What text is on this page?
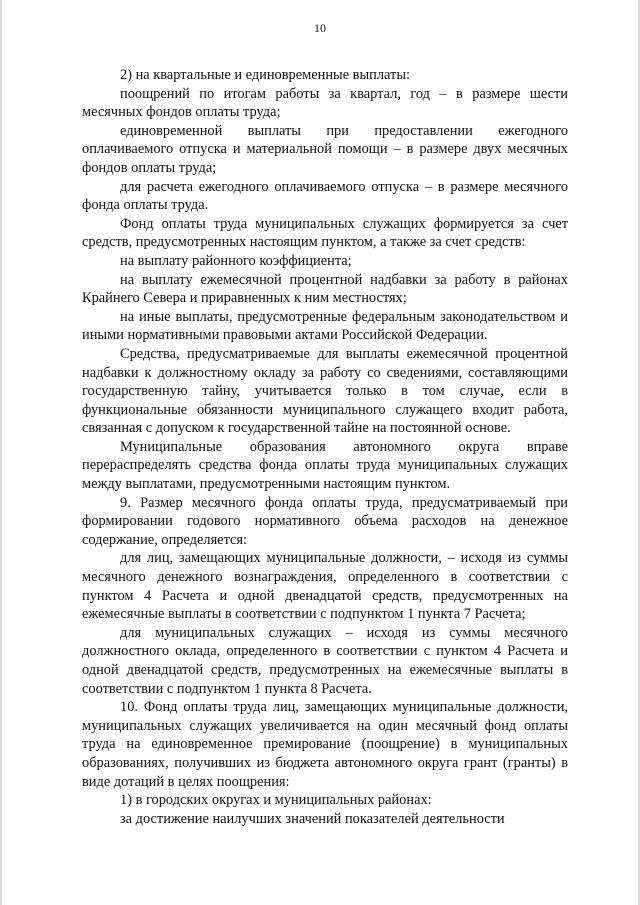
10

2) на квартальные и единовременные выплаты:

поощрений по итогам работы за квартал, год – в размере шести месячных фондов оплаты труда;

единовременной выплаты при предоставлении ежегодного оплачиваемого отпуска и материальной помощи – в размере двух месячных фондов оплаты труда;

для расчета ежегодного оплачиваемого отпуска – в размере месячного фонда оплаты труда.

Фонд оплаты труда муниципальных служащих формируется за счет средств, предусмотренных настоящим пунктом, а также за счет средств:

на выплату районного коэффициента;

на выплату ежемесячной процентной надбавки за работу в районах Крайнего Севера и приравненных к ним местностях;

на иные выплаты, предусмотренные федеральным законодательством и иными нормативными правовыми актами Российской Федерации.

Средства, предусматриваемые для выплаты ежемесячной процентной надбавки к должностному окладу за работу со сведениями, составляющими государственную тайну, учитывается только в том случае, если в функциональные обязанности муниципального служащего входит работа, связанная с допуском к государственной тайне на постоянной основе.

Муниципальные образования автономного округа вправе перераспределять средства фонда оплаты труда муниципальных служащих между выплатами, предусмотренными настоящим пунктом.

9. Размер месячного фонда оплаты труда, предусматриваемый при формировании годового нормативного объема расходов на денежное содержание, определяется:

для лиц, замещающих муниципальные должности, – исходя из суммы месячного денежного вознаграждения, определенного в соответствии с пунктом 4 Расчета и одной двенадцатой средств, предусмотренных на ежемесячные выплаты в соответствии с подпунктом 1 пункта 7 Расчета;

для муниципальных служащих – исходя из суммы месячного должностного оклада, определенного в соответствии с пунктом 4 Расчета и одной двенадцатой средств, предусмотренных на ежемесячные выплаты в соответствии с подпунктом 1 пункта 8 Расчета.

10. Фонд оплаты труда лиц, замещающих муниципальные должности, муниципальных служащих увеличивается на один месячный фонд оплаты труда на единовременное премирование (поощрение) в муниципальных образованиях, получивших из бюджета автономного округа грант (гранты) в виде дотаций в целях поощрения:

1) в городских округах и муниципальных районах:

за достижение наилучших значений показателей деятельности
